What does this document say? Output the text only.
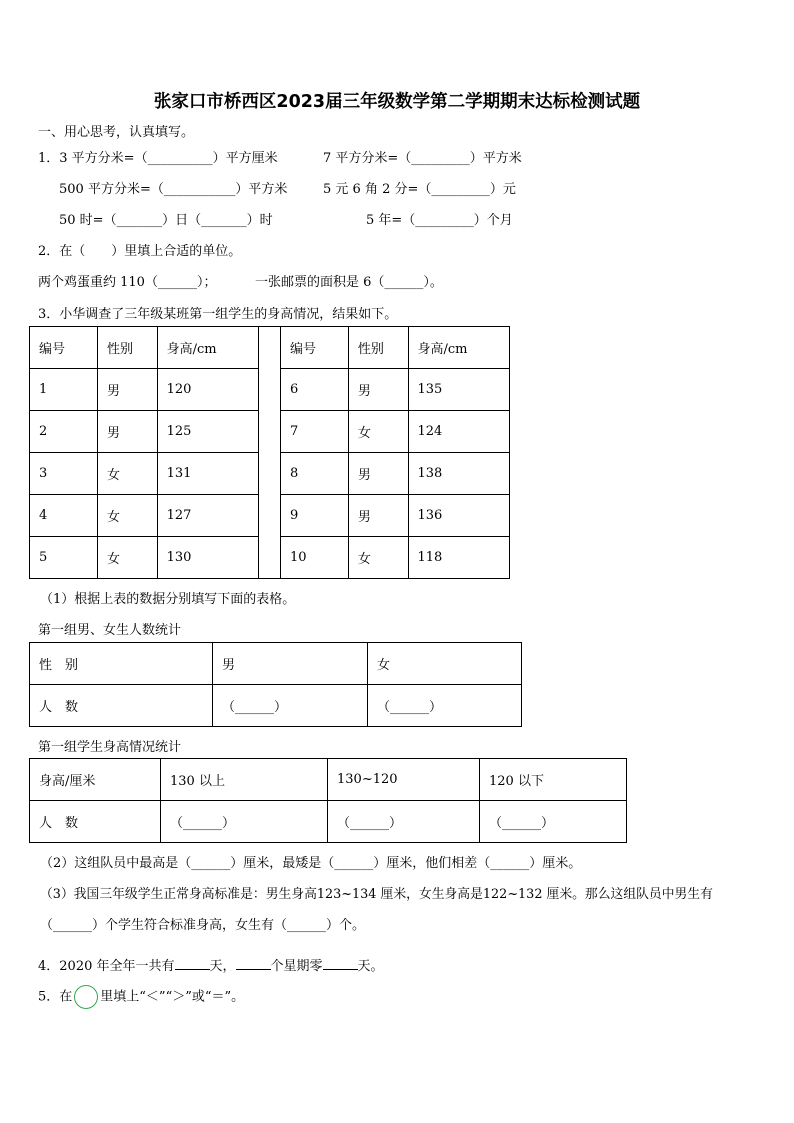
张家口市桥西区2023届三年级数学第二学期期末达标检测试题
一、用心思考，认真填写。
1．3 平方分米=（__________）平方厘米	7 平方分米=（_________）平方米
500 平方分米=（___________）平方米	5 元 6 角 2 分=（_________）元
50 时=（_______）日（_______）时	5 年=（_________）个月
2．在（　　）里填上合适的单位。
两个鸡蛋重约 110（______）；	一张邮票的面积是 6（______）。
3．小华调查了三年级某班第一组学生的身高情况，结果如下。
编号	性别	身高/cm		编号	性别	身高/cm
1	男	120		6	男	135
2	男	125		7	女	124
3	女	131		8	男	138
4	女	127		9	男	136
5	女	130		10	女	118
（1）根据上表的数据分别填写下面的表格。
第一组男、女生人数统计
性　别	男	女
人　数	（______）	（______）
第一组学生身高情况统计
身高/厘米	130 以上	130~120	120 以下
人　数	（______）	（______）	（______）
（2）这组队员中最高是（______）厘米，最矮是（______）厘米，他们相差（______）厘米。
（3）我国三年级学生正常身高标准是：男生身高123~134 厘米，女生身高是122~132 厘米。那么这组队员中男生有
（______）个学生符合标准身高，女生有（______）个。
4．2020 年全年一共有	天，	个星期零	天。
5．在 里填上“＜”“＞”或“＝”。
